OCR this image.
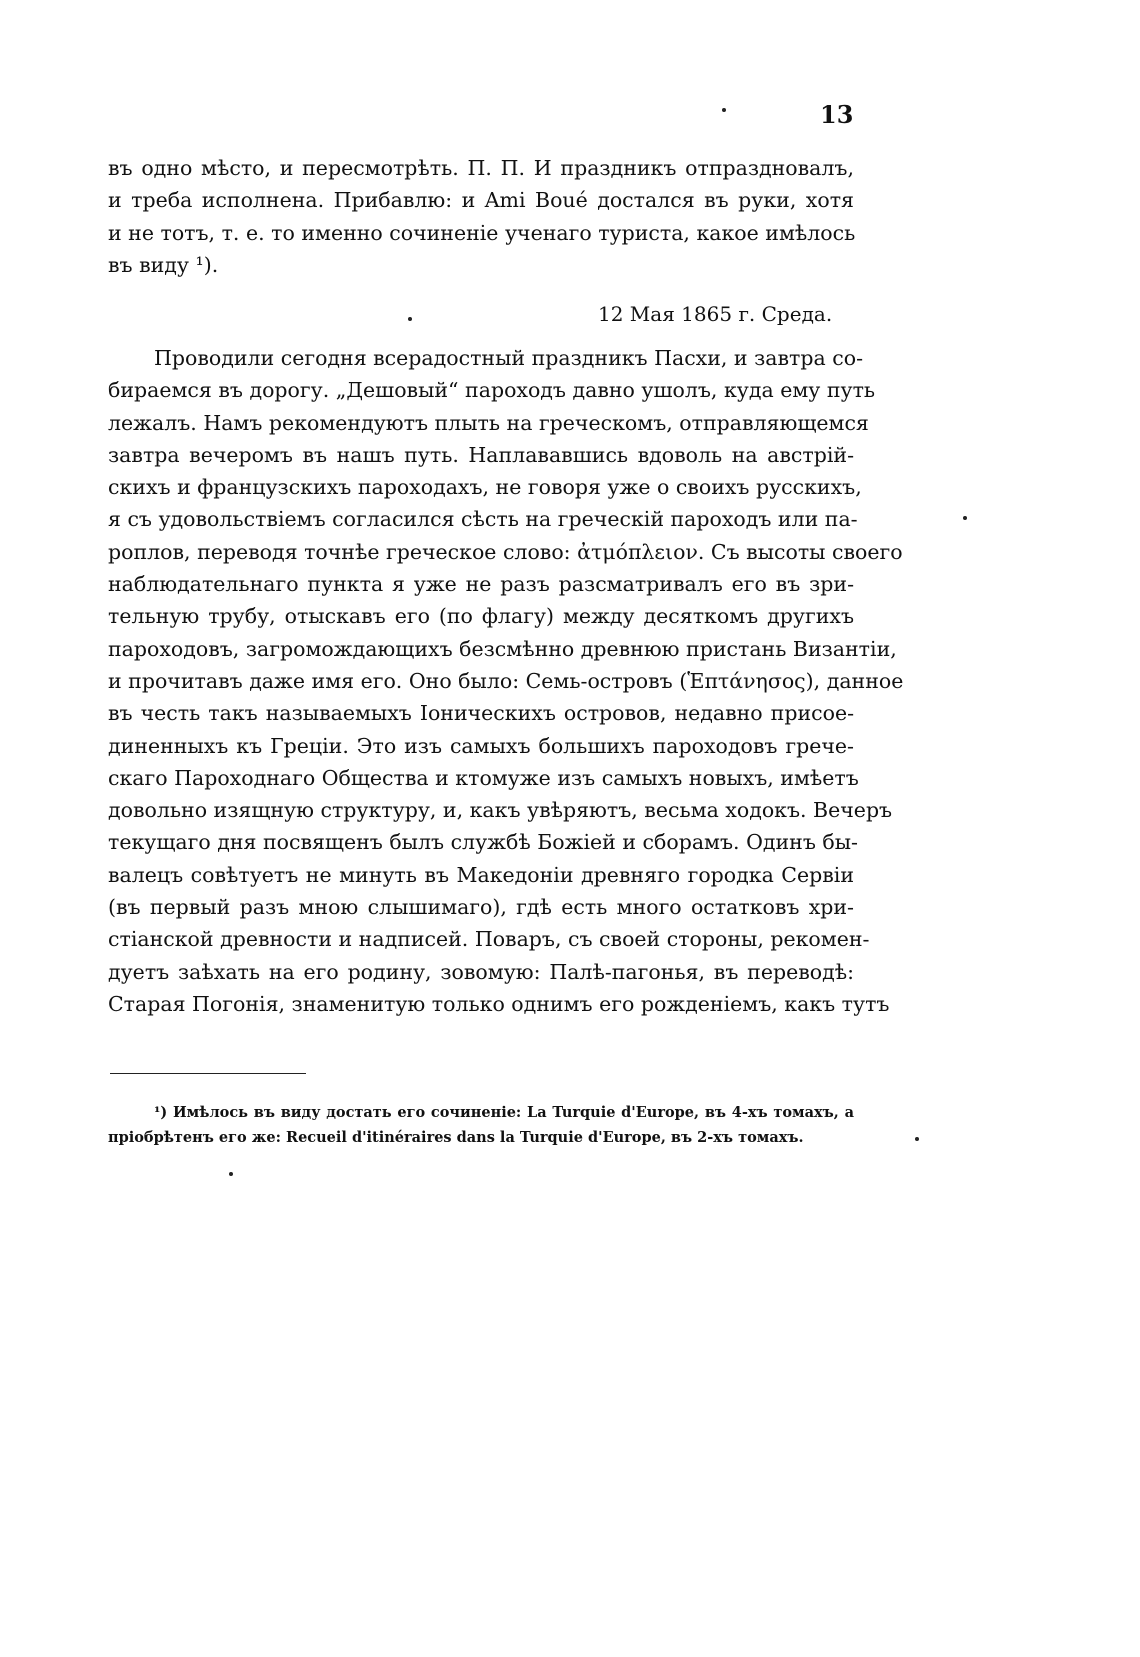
13
въ одно мѣсто, и пересмотрѣть. П. П. И праздникъ отпраздновалъ,
и треба исполнена. Прибавлю: и Ami Boué достался въ руки, хотя
и не тотъ, т. е. то именно сочиненіе ученаго туриста, какое имѣлось
въ виду ¹).
12 Мая 1865 г. Среда.
Проводили сегодня всерадостный праздникъ Пасхи, и завтра со-
бираемся въ дорогу. „Дешовый“ пароходъ давно ушолъ, куда ему путь
лежалъ. Намъ рекомендуютъ плыть на греческомъ, отправляющемся
завтра вечеромъ въ нашъ путь. Наплававшись вдоволь на австрій-
скихъ и французскихъ пароходахъ, не говоря уже о своихъ русскихъ,
я съ удовольствіемъ согласился сѣсть на греческій пароходъ или па-
роплов, переводя точнѣе греческое слово: ἀτμόπλειον. Съ высоты своего
наблюдательнаго пункта я уже не разъ разсматривалъ его въ зри-
тельную трубу, отыскавъ его (по флагу) между десяткомъ другихъ
пароходовъ, загромождающихъ безсмѣнно древнюю пристань Византіи,
и прочитавъ даже имя его. Оно было: Семь-островъ (Ἑπτάνησος), данное
въ честь такъ называемыхъ Іоническихъ островов, недавно присое-
диненныхъ къ Греціи. Это изъ самыхъ большихъ пароходовъ грече-
скаго Пароходнаго Общества и ктомуже изъ самыхъ новыхъ, имѣетъ
довольно изящную структуру, и, какъ увѣряютъ, весьма ходокъ. Вечеръ
текущаго дня посвященъ былъ службѣ Божіей и сборамъ. Одинъ бы-
валецъ совѣтуетъ не минуть въ Македоніи древняго городка Сервіи
(въ первый разъ мною слышимаго), гдѣ есть много остатковъ хри-
стіанской древности и надписей. Поваръ, съ своей стороны, рекомен-
дуетъ заѣхать на его родину, зовомую: Палѣ-пагонья, въ переводѣ:
Старая Погонія, знаменитую только однимъ его рожденіемъ, какъ тутъ
¹) Имѣлось въ виду достать его сочиненіе: La Turquie d'Europe, въ 4-хъ томахъ, а
пріобрѣтенъ его же: Recueil d'itinéraires dans la Turquie d'Europe, въ 2-хъ томахъ.
